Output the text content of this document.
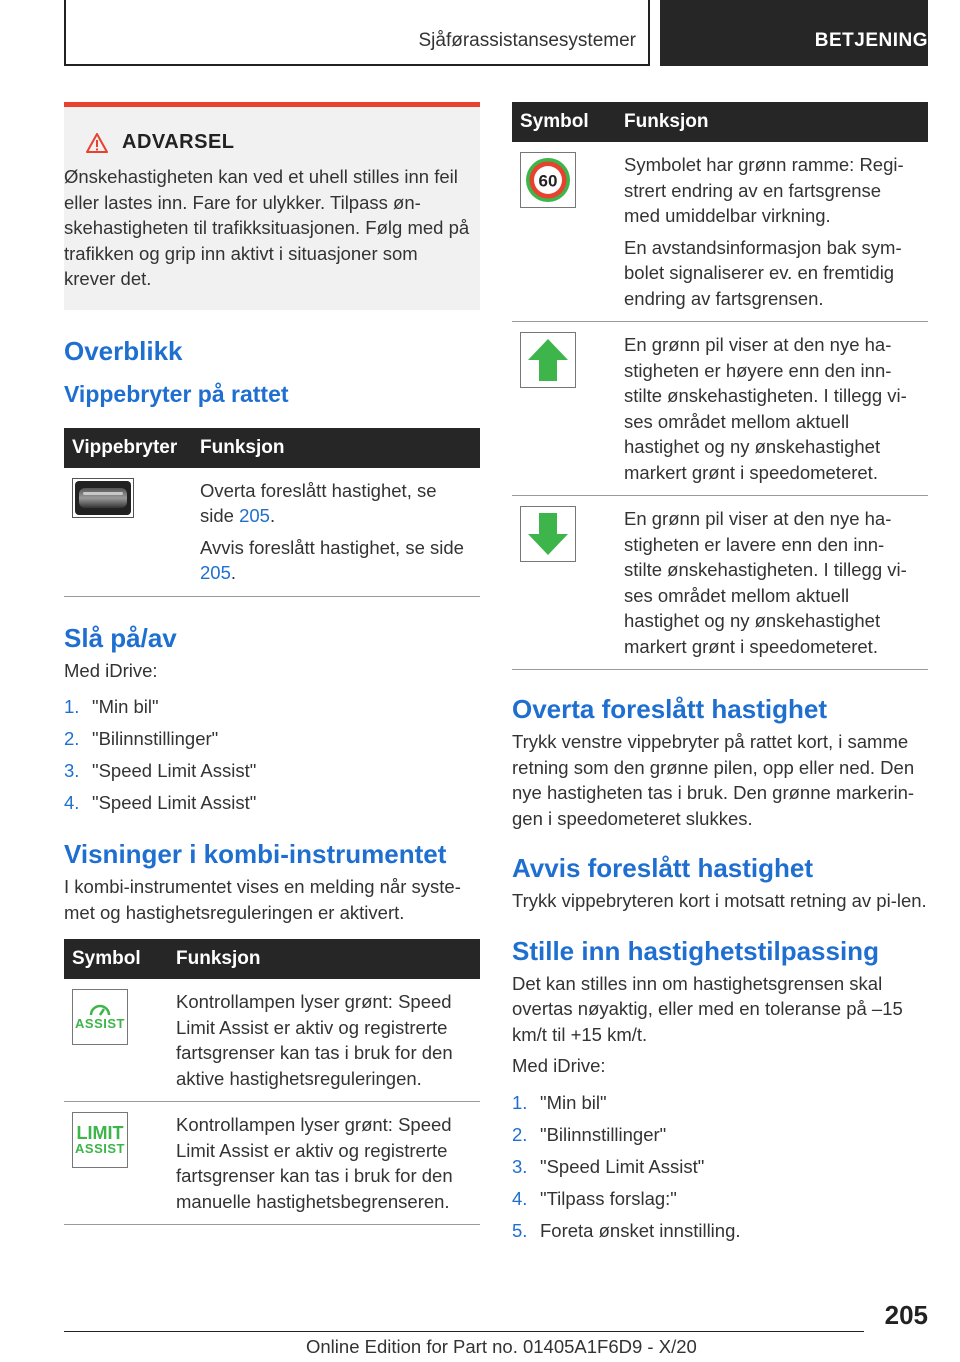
Sjåførassistansesystemer	BETJENING
ADVARSEL

Ønskehastigheten kan ved et uhell stilles inn feil eller lastes inn. Fare for ulykker. Tilpass øn-skehastigheten til trafikksituasjonen. Følg med på trafikken og grip inn aktivt i situasjoner som krever det.

Overblikk
Vippebryter på rattet
Vippebryter	Funksjon

Overta foreslått hastighet, se side 205.

Avvis foreslått hastighet, se side 205.

Slå på/av

Med iDrive:

1. "Min bil"
2. "Bilinnstillinger"
3. "Speed Limit Assist"
4. "Speed Limit Assist"
Visninger i kombi-instrumentet

I kombi-instrumentet vises en melding når syste-met og hastighetsreguleringen er aktivert.

Symbol	Funksjon

ASSIST	Kontrollampen lyser grønt: Speed Limit Assist er aktiv og registrerte fartsgrenser kan tas i bruk for den aktive hastighetsreguleringen.

LIMIT
ASSIST	Kontrollampen lyser grønt: Speed Limit Assist er aktiv og registrerte fartsgrenser kan tas i bruk for den manuelle hastighetsbegrenseren.
Symbol	Funksjon

60	Symbolet har grønn ramme: Regi-strert endring av en fartsgrense med umiddelbar virkning.

En avstandsinformasjon bak sym-bolet signaliserer ev. en fremtidig endring av fartsgrensen.

	En grønn pil viser at den nye ha-stigheten er høyere enn den inn-stilte ønskehastigheten. I tillegg vi-ses området mellom aktuell hastighet og ny ønskehastighet markert grønt i speedometeret.

	En grønn pil viser at den nye ha-stigheten er lavere enn den inn-stilte ønskehastigheten. I tillegg vi-ses området mellom aktuell hastighet og ny ønskehastighet markert grønt i speedometeret.
Overta foreslått hastighet

Trykk venstre vippebryter på rattet kort, i samme retning som den grønne pilen, opp eller ned. Den nye hastigheten tas i bruk. Den grønne markerin-gen i speedometeret slukkes.

Avvis foreslått hastighet

Trykk vippebryteren kort i motsatt retning av pi-len.

Stille inn hastighetstilpassing

Det kan stilles inn om hastighetsgrensen skal overtas nøyaktig, eller med en toleranse på –15 km/t til +15 km/t.

Med iDrive:

1. "Min bil"
2. "Bilinnstillinger"
3. "Speed Limit Assist"
4. "Tilpass forslag:"
5. Foreta ønsket innstilling.
205
Online Edition for Part no. 01405A1F6D9 - X/20
